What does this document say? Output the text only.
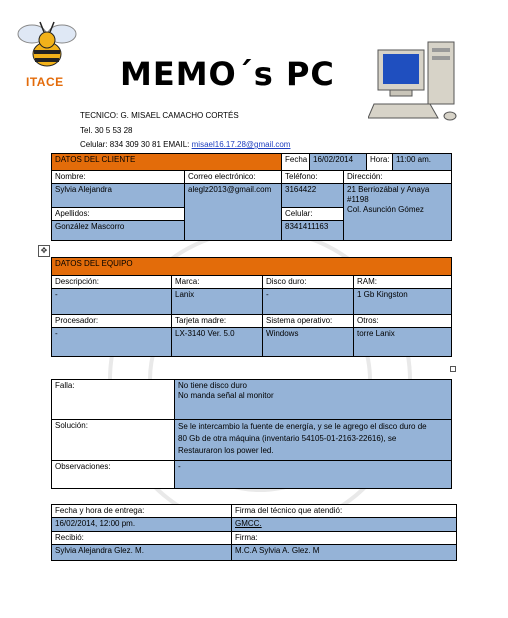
ITACE MEMO´s PC
TECNICO: G. MISAEL CAMACHO CORTÉS
Tel. 30 5 53 28
Celular: 834 309 30 81 EMAIL: misael16.17.28@gmail.com
DATOS DEL CLIENTE	Fecha	16/02/2014	Hora:	11:00 am.
Nombre:	Correo electrónico:	Teléfono:	Dirección:
Sylvia Alejandra	aleglz2013@gmail.com	3164422	21 Berriozábal y Anaya
#1198
Col. Asunción Gómez

Apellidos:		Celular:	
González Mascorro		8341411163	
✥
DATOS DEL EQUIPO			
Descripción:	Marca:	Disco duro:	RAM:
-	Lanix	-	1 Gb Kingston
Procesador:	Tarjeta madre:	Sistema operativo:	Otros:
-	LX-3140 Ver. 5.0	Windows	torre Lanix
Falla:	No tiene disco duro
No manda señal al monitor

Solución:	Se le intercambio la fuente de energía, y se le agrego el disco duro de
80 Gb de otra máquina (inventario 54105-01-2163-22616), se
Restauraron los power led.

Observaciones:	-
Fecha y hora de entrega:	Firma del técnico que atendió:
16/02/2014, 12:00 pm.	GMCC.
Recibió:	Firma:
Sylvia Alejandra Glez. M.	M.C.A Sylvia A. Glez. M
